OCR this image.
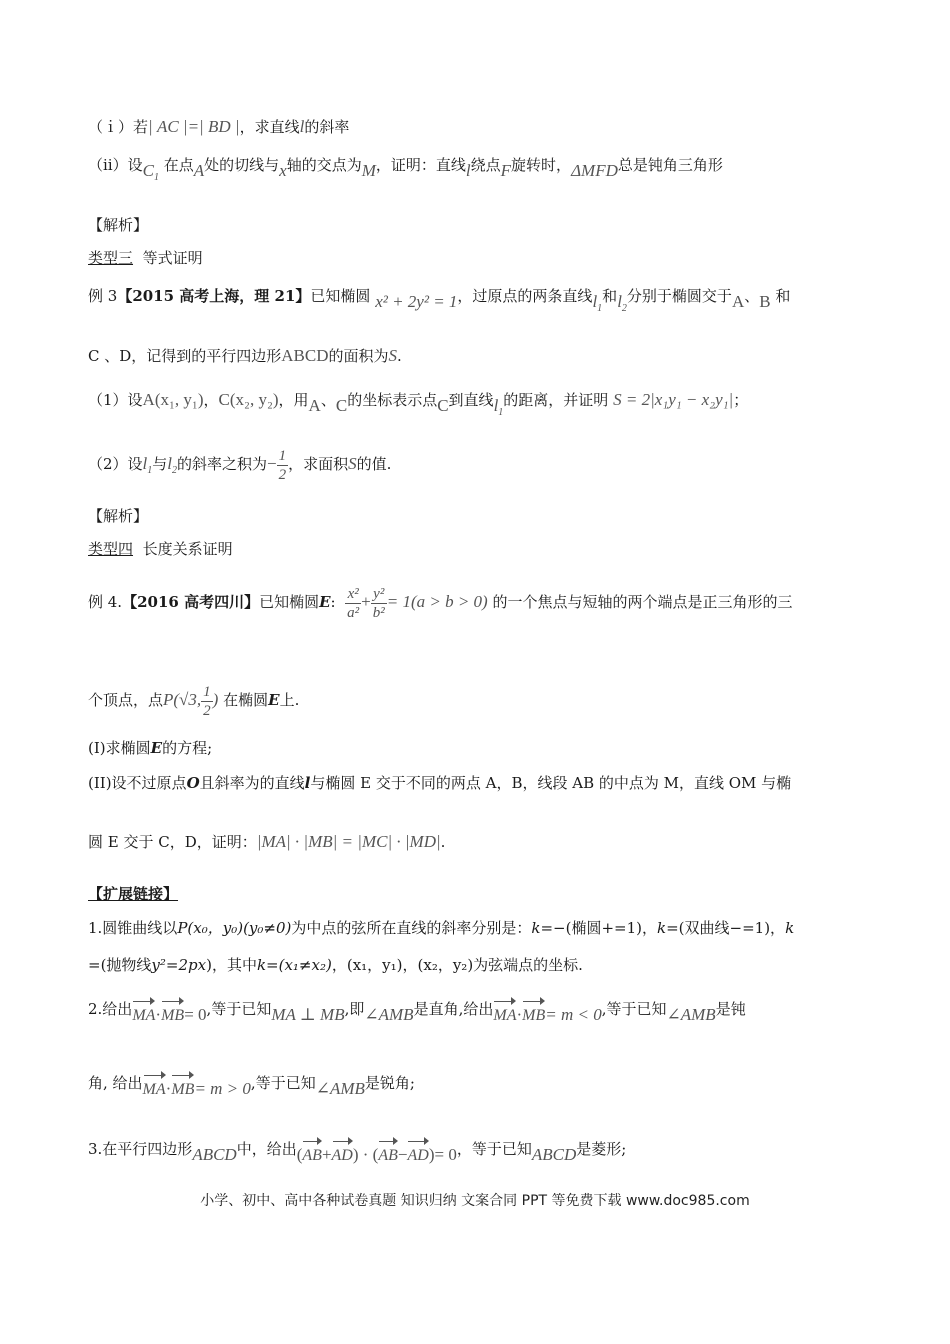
（ｉ）若| AC |=| BD |，求直线l的斜率
（ⅱ）设$C_1$ 在点A处的切线与x轴的交点为M，证明：直线l绕点F旋转时，ΔMFD总是钝角三角形
【解析】
类型三 等式证明
例 3【2015 高考上海，理 21】已知椭圆 x² + 2y² = 1，过原点的两条直线$l_1$和$l_2$分别于椭圆交于A、B 和
C 、D，记得到的平行四边形ABCD的面积为S.
（1）设A(x₁, y₁)，C(x₂, y₂)，用A、C的坐标表示点C到直线$l_1$的距离，并证明 S = 2|x₁y₁ − x₂y₁|；
（2）设$l_1$与$l_2$的斜率之积为− $\frac{1}{2}$ ，求面积S的值.
【解析】
类型四 长度关系证明
例 4.【2016 高考四川】已知椭圆E: $\frac{\text{x²}}{\text{a²}} + \frac{\text{y²}}{\text{b²}} = 1(a > b > 0)$ 的一个焦点与短轴的两个端点是正三角形的三
个顶点，点P(√3, $\frac{1}{2}$ ) 在椭圆E上.
(I)求椭圆E的方程;
(II)设不过原点O且斜率为的直线l与椭圆 E 交于不同的两点 A，B，线段 AB 的中点为 M，直线 OM 与椭
圆 E 交于 C，D，证明：|MA| · |MB| = |MC| · |MD|.
【扩展链接】
1.圆锥曲线以P(x₀，y₀)(y₀≠0)为中点的弦所在直线的斜率分别是：k=−(椭圆+=1)，k=(双曲线−=1)，k
=(抛物线y²=2px)，其中k=(x₁≠x₂)，(x₁，y₁)，(x₂，y₂)为弦端点的坐标.
2.给出MA·MB= 0,等于已知MA ⊥ MB,即∠AMB是直角,给出MA·MB= m < 0,等于已知∠AMB是钝
角, 给出MA·MB= m > 0,等于已知∠AMB是锐角;
3.在平行四边形ABCD中，给出(AB+AD) · (AB−AD)= 0，等于已知ABCD是菱形;
小学、初中、高中各种试卷真题 知识归纳 文案合同 PPT 等免费下载 www.doc985.com
